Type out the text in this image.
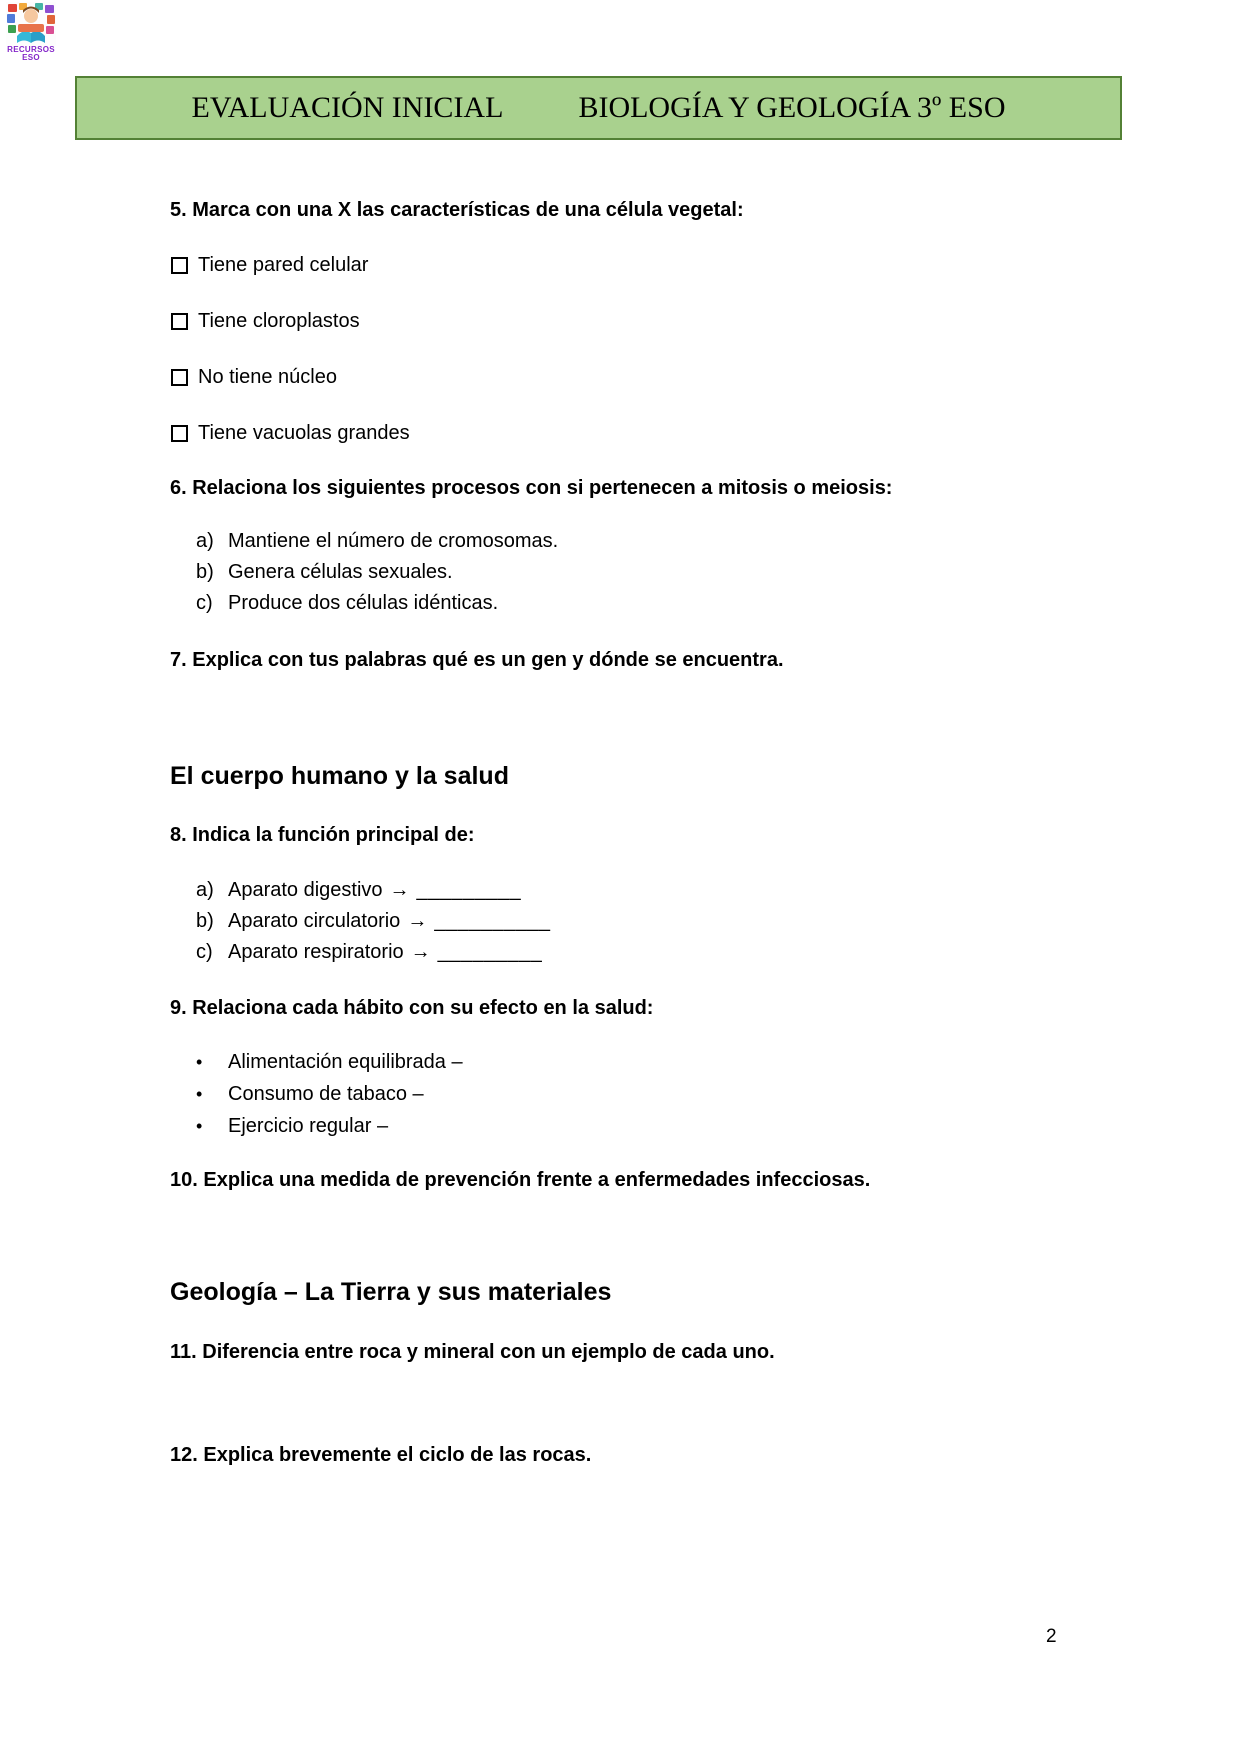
RECURSOS
ESO
EVALUACIÓN INICIAL	BIOLOGÍA Y GEOLOGÍA 3º ESO
5. Marca con una X las características de una célula vegetal:
Tiene pared celular
Tiene cloroplastos
No tiene núcleo
Tiene vacuolas grandes
6. Relaciona los siguientes procesos con si pertenecen a mitosis o meiosis:
a) Mantiene el número de cromosomas.
b) Genera células sexuales.
c) Produce dos células idénticas.
7. Explica con tus palabras qué es un gen y dónde se encuentra.
El cuerpo humano y la salud
8. Indica la función principal de:
a) Aparato digestivo → _________
b) Aparato circulatorio → __________
c) Aparato respiratorio → _________
9. Relaciona cada hábito con su efecto en la salud:
•	Alimentación equilibrada –
•	Consumo de tabaco –
•	Ejercicio regular –
10. Explica una medida de prevención frente a enfermedades infecciosas.
Geología – La Tierra y sus materiales
11. Diferencia entre roca y mineral con un ejemplo de cada uno.
12. Explica brevemente el ciclo de las rocas.
2
